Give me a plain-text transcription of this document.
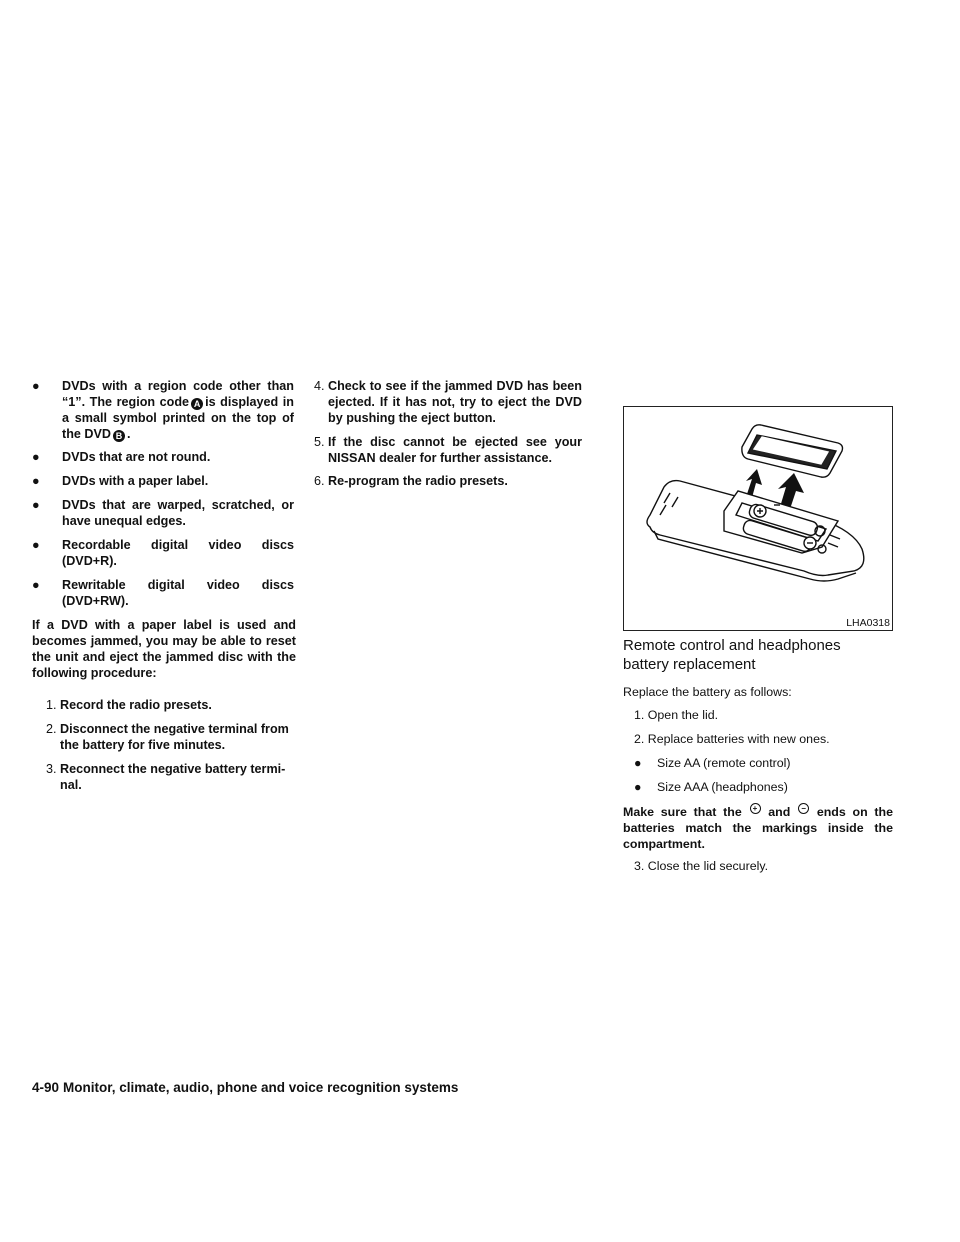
● DVDs with a region code other than “1”. The region code A is displayed in a small symbol printed on the top of the DVD B .
● DVDs that are not round.
● DVDs with a paper label.
● DVDs that are warped, scratched, or have unequal edges.
● Recordable digital video discs (DVD+R).
● Rewritable digital video discs (DVD+RW).
If a DVD with a paper label is used and becomes jammed, you may be able to reset the unit and eject the jammed disc with the following procedure:
1. Record the radio presets.
2. Disconnect the negative terminal from the battery for five minutes.
3. Reconnect the negative battery termi- nal.
4. Check to see if the jammed DVD has been ejected. If it has not, try to eject the DVD by pushing the eject button.
5. If the disc cannot be ejected see your NISSAN dealer for further assistance.
6. Re-program the radio presets.
LHA0318
Remote control and headphones
battery replacement
Replace the battery as follows:
1. Open the lid.
2. Replace batteries with new ones.
● Size AA (remote control)
● Size AAA (headphones)
Make sure that the + and − ends on the batteries match the markings inside the compartment.
3. Close the lid securely.
4-90 Monitor, climate, audio, phone and voice recognition systems
